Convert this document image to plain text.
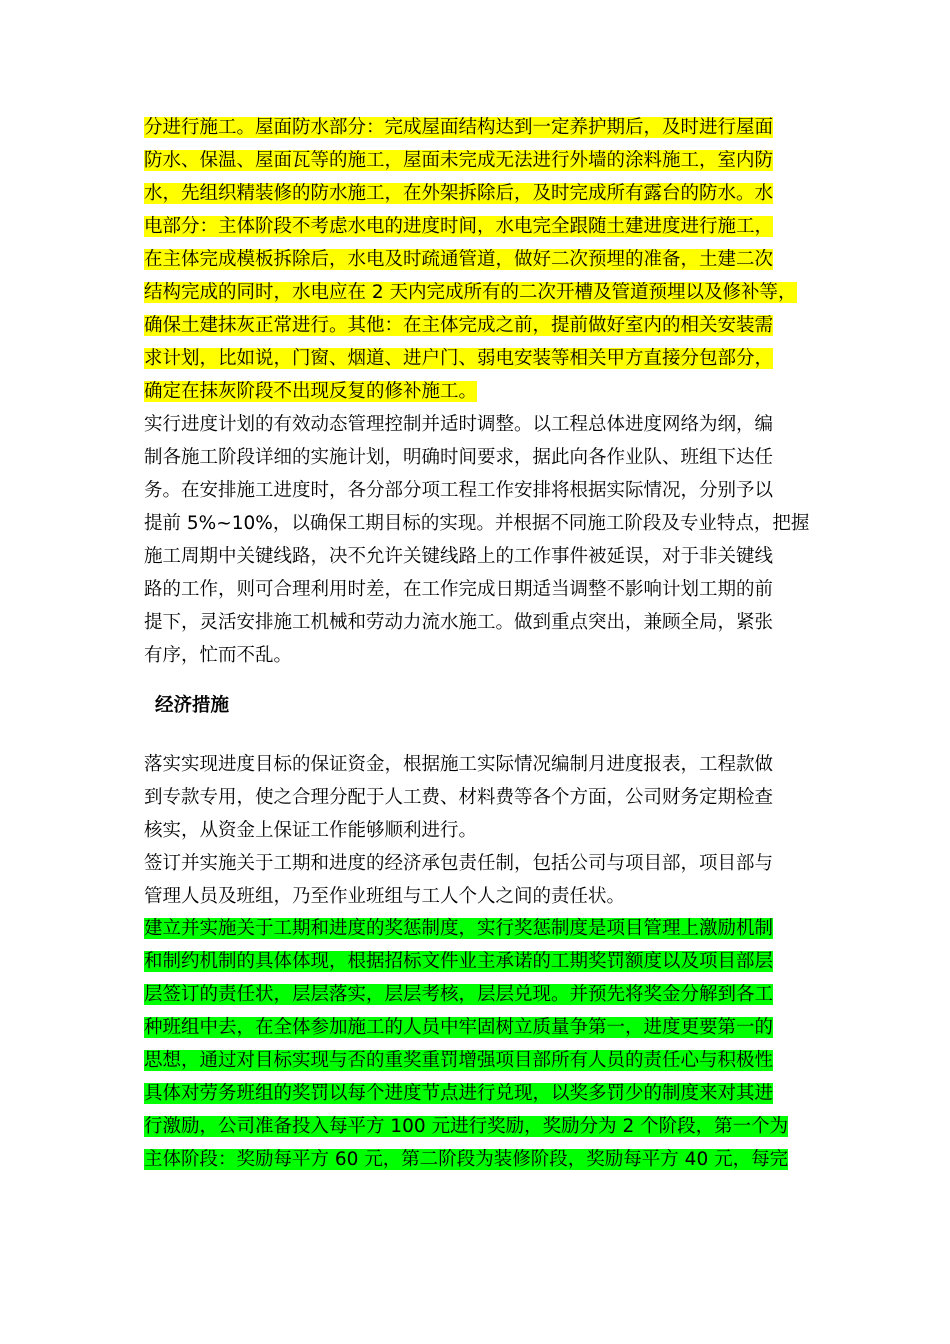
分进行施工。屋面防水部分：完成屋面结构达到一定养护期后，及时进行屋面
防水、保温、屋面瓦等的施工，屋面未完成无法进行外墙的涂料施工，室内防
水，先组织精装修的防水施工，在外架拆除后，及时完成所有露台的防水。水
电部分：主体阶段不考虑水电的进度时间，水电完全跟随土建进度进行施工，
在主体完成模板拆除后，水电及时疏通管道，做好二次预埋的准备，土建二次
结构完成的同时，水电应在 2 天内完成所有的二次开槽及管道预埋以及修补等，
确保土建抹灰正常进行。其他：在主体完成之前，提前做好室内的相关安装需
求计划，比如说，门窗、烟道、进户门、弱电安装等相关甲方直接分包部分，
确定在抹灰阶段不出现反复的修补施工。
实行进度计划的有效动态管理控制并适时调整。以工程总体进度网络为纲，编
制各施工阶段详细的实施计划，明确时间要求，据此向各作业队、班组下达任
务。在安排施工进度时，各分部分项工程工作安排将根据实际情况，分别予以
提前 5%~10%，以确保工期目标的实现。并根据不同施工阶段及专业特点，把握
施工周期中关键线路，决不允许关键线路上的工作事件被延误，对于非关键线
路的工作，则可合理利用时差，在工作完成日期适当调整不影响计划工期的前
提下，灵活安排施工机械和劳动力流水施工。做到重点突出，兼顾全局，紧张
有序，忙而不乱。
经济措施
落实实现进度目标的保证资金，根据施工实际情况编制月进度报表，工程款做
到专款专用，使之合理分配于人工费、材料费等各个方面，公司财务定期检查
核实，从资金上保证工作能够顺利进行。
签订并实施关于工期和进度的经济承包责任制，包括公司与项目部，项目部与
管理人员及班组，乃至作业班组与工人个人之间的责任状。
建立并实施关于工期和进度的奖惩制度，实行奖惩制度是项目管理上激励机制
和制约机制的具体体现，根据招标文件业主承诺的工期奖罚额度以及项目部层
层签订的责任状，层层落实，层层考核，层层兑现。并预先将奖金分解到各工
种班组中去，在全体参加施工的人员中牢固树立质量争第一，进度更要第一的
思想，通过对目标实现与否的重奖重罚增强项目部所有人员的责任心与积极性
具体对劳务班组的奖罚以每个进度节点进行兑现，以奖多罚少的制度来对其进
行激励，公司准备投入每平方 100 元进行奖励，奖励分为 2 个阶段，第一个为
主体阶段：奖励每平方 60 元，第二阶段为装修阶段，奖励每平方 40 元，每完
